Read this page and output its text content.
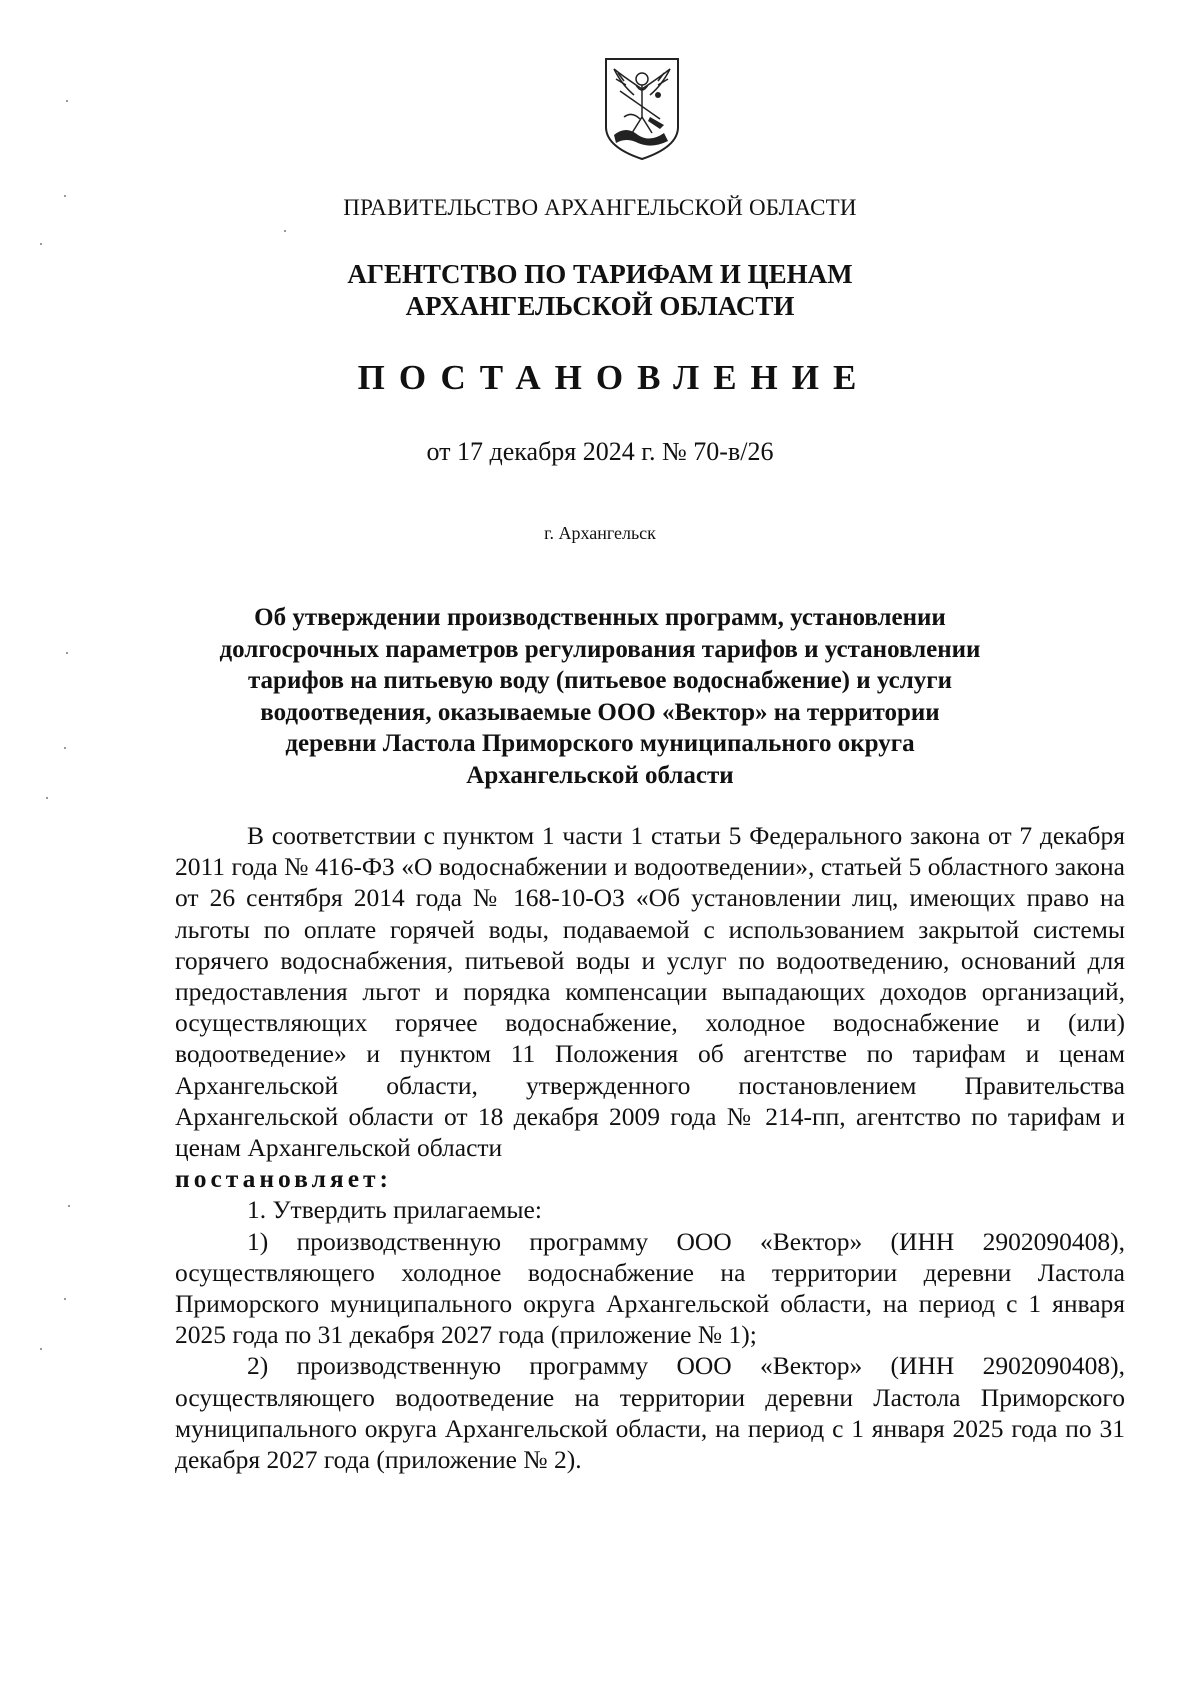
ПРАВИТЕЛЬСТВО АРХАНГЕЛЬСКОЙ ОБЛАСТИ
АГЕНТСТВО ПО ТАРИФАМ И ЦЕНАМ
АРХАНГЕЛЬСКОЙ ОБЛАСТИ
ПОСТАНОВЛЕНИЕ
от 17 декабря 2024 г. № 70-в/26
г. Архангельск
Об утверждении производственных программ, установлении
долгосрочных параметров регулирования тарифов и установлении
тарифов на питьевую воду (питьевое водоснабжение) и услуги
водоотведения, оказываемые ООО «Вектор» на территории
деревни Ластола Приморского муниципального округа
Архангельской области

В соответствии с пунктом 1 части 1 статьи 5 Федерального закона от 7 декабря 2011 года № 416-ФЗ «О водоснабжении и водоотведении», статьей 5 областного закона от 26 сентября 2014 года № 168-10-ОЗ «Об установлении лиц, имеющих право на льготы по оплате горячей воды, подаваемой с использованием закрытой системы горячего водоснабжения, питьевой воды и услуг по водоотведению, оснований для предоставления льгот и порядка компенсации выпадающих доходов организаций, осуществляющих горячее водоснабжение, холодное водоснабжение и (или) водоотведение» и пунктом 11 Положения об агентстве по тарифам и ценам Архангельской области, утвержденного постановлением Правительства Архангельской области от 18 декабря 2009 года № 214-пп, агентство по тарифам и ценам Архангельской области

постановляет:

1. Утвердить прилагаемые:

1) производственную программу ООО «Вектор» (ИНН 2902090408), осуществляющего холодное водоснабжение на территории деревни Ластола Приморского муниципального округа Архангельской области, на период с 1 января 2025 года по 31 декабря 2027 года (приложение № 1);

2) производственную программу ООО «Вектор» (ИНН 2902090408), осуществляющего водоотведение на территории деревни Ластола Приморского муниципального округа Архангельской области, на период с 1 января 2025 года по 31 декабря 2027 года (приложение № 2).
